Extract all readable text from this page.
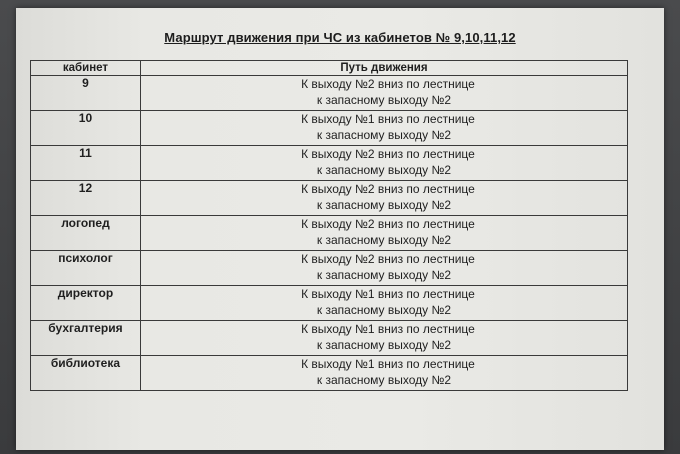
Маршрут движения при ЧС из кабинетов № 9,10,11,12
кабинет	Путь движения
9	К выходу №2 вниз по лестнице
к запасному выходу №2

10	К выходу №1 вниз по лестнице
к запасному выходу №2

11	К выходу №2 вниз по лестнице
к запасному выходу №2

12	К выходу №2 вниз по лестнице
к запасному выходу №2

логопед	К выходу №2 вниз по лестнице
к запасному выходу №2

психолог	К выходу №2 вниз по лестнице
к запасному выходу №2

директор	К выходу №1 вниз по лестнице
к запасному выходу №2

бухгалтерия	К выходу №1 вниз по лестнице
к запасному выходу №2

библиотека	К выходу №1 вниз по лестнице
к запасному выходу №2
